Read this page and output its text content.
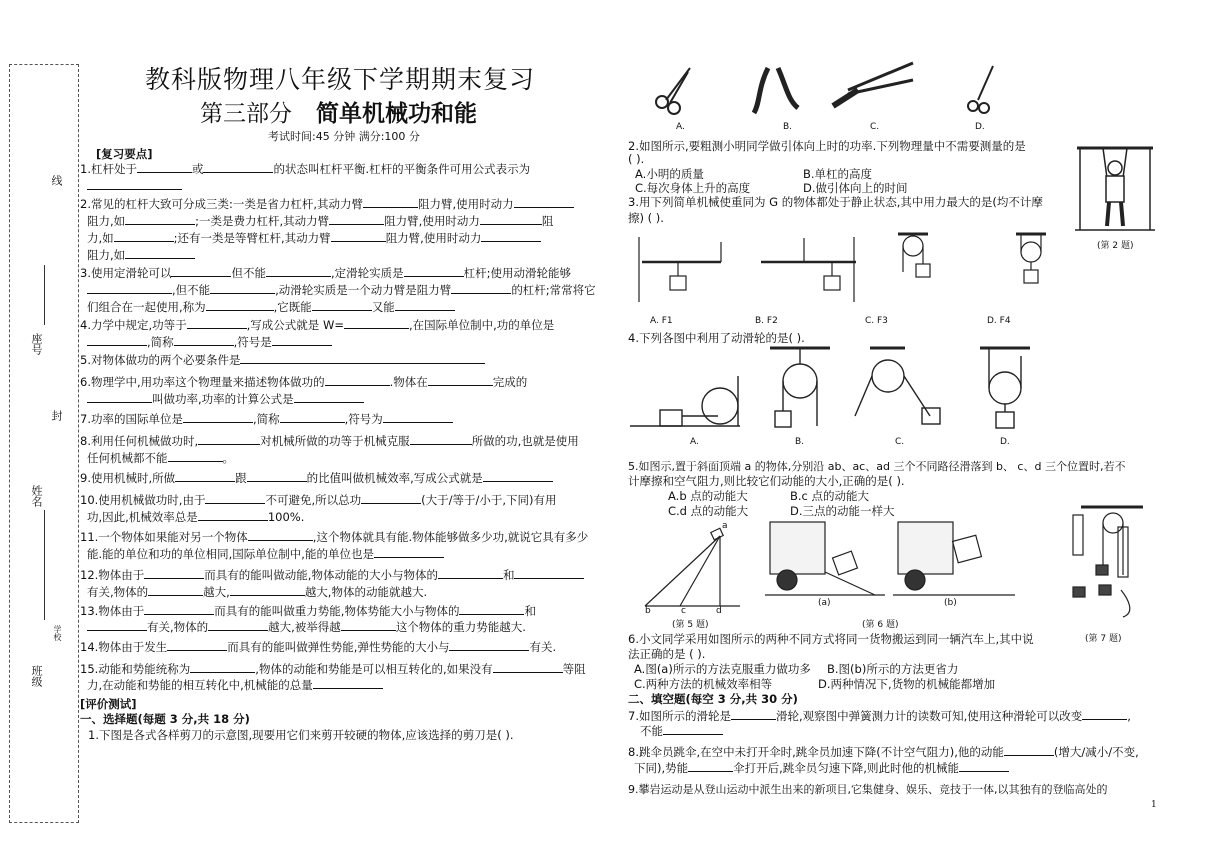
线
座号
封
姓名
班级
学校
教科版物理八年级下学期期末复习
第三部分 简单机械功和能
考试时间:45 分钟 满分:100 分
[复习要点]
1.杠杆处于	或	的状态叫杠杆平衡.杠杆的平衡条件可用公式表示为
2.常见的杠杆大致可分成三类:一类是省力杠杆,其动力臂	阻力臂,使用时动力
阻力,如	;一类是费力杠杆,其动力臂	阻力臂,使用时动力	阻
力,如	;还有一类是等臂杠杆,其动力臂	阻力臂,使用时动力
阻力,如
3.使用定滑轮可以	但不能	,定滑轮实质是	杠杆;使用动滑轮能够
,但不能	,动滑轮实质是一个动力臂是阻力臂	的杠杆;常常将它
们组合在一起使用,称为	,它既能	又能
4.力学中规定,功等于	,写成公式就是 W=	,在国际单位制中,功的单位是
,简称	,符号是
5.对物体做功的两个必要条件是
6.物理学中,用功率这个物理量来描述物体做功的	.物体在	完成的
叫做功率,功率的计算公式是
7.功率的国际单位是	,简称	,符号为
8.利用任何机械做功时,	对机械所做的功等于机械克服	所做的功,也就是使用
任何机械都不能	。
9.使用机械时,所做	跟	的比值叫做机械效率,写成公式就是
10.使用机械做功时,由于	不可避免,所以总功	(大于/等于/小于,下同)有用
功,因此,机械效率总是	100%.
11.一个物体如果能对另一个物体	,这个物体就具有能.物体能够做多少功,就说它具有多少
能.能的单位和功的单位相同,国际单位制中,能的单位也是
12.物体由于	而具有的能叫做动能,物体动能的大小与物体的	和
有关,物体的	越大,	越大,物体的动能就越大.
13.物体由于	而具有的能叫做重力势能,物体势能大小与物体的	和
有关,物体的	越大,被举得越	这个物体的重力势能越大.
14.物体由于发生	而具有的能叫做弹性势能,弹性势能的大小与	有关.
15.动能和势能统称为	,物体的动能和势能是可以相互转化的,如果没有	等阻
力,在动能和势能的相互转化中,机械能的总量
[评价测试]
一、选择题(每题 3 分,共 18 分)
1.下图是各式各样剪刀的示意图,现要用它们来剪开较硬的物体,应该选择的剪刀是( ).
A.	B.	C.	D.
2.如图所示,要粗测小明同学做引体向上时的功率.下列物理量中不需要测量的是
( ).
A.小明的质量	B.单杠的高度
C.每次身体上升的高度	D.做引体向上的时间
(第 2 题)
3.用下列简单机械使重同为 G 的物体都处于静止状态,其中用力最大的是(均不计摩
擦) ( ).
A. F1	B. F2	C. F3	D. F4
4.下列各图中利用了动滑轮的是( ).
A.	B.	C.	D.
5.如图示,置于斜面顶端 a 的物体,分别沿 ab、ac、ad 三个不同路径滑落到 b、 c、d 三个位置时,若不
计摩擦和空气阻力,则比较它们动能的大小,正确的是( ).
A.b 点的动能大	B.c 点的动能大
C.d 点的动能大	D.三点的动能一样大
a
b	c	d
(第 5 题)
(a)	(b)
(第 6 题)
(第 7 题)
6.小文同学采用如图所示的两种不同方式将同一货物搬运到同一辆汽车上,其中说
法正确的是 ( ).
A.图(a)所示的方法克服重力做功多 B.图(b)所示的方法更省力
C.两种方法的机械效率相等	D.两种情况下,货物的机械能都增加
二、填空题(每空 3 分,共 30 分)
7.如图所示的滑轮是	滑轮,观察图中弹簧测力计的读数可知,使用这种滑轮可以改变	,
不能
8.跳伞员跳伞,在空中未打开伞时,跳伞员加速下降(不计空气阻力),他的动能	(增大/减小/不变,
下同),势能	伞打开后,跳伞员匀速下降,则此时他的机械能
9.攀岩运动是从登山运动中派生出来的新项目,它集健身、娱乐、竞技于一体,以其独有的登临高处的
1
